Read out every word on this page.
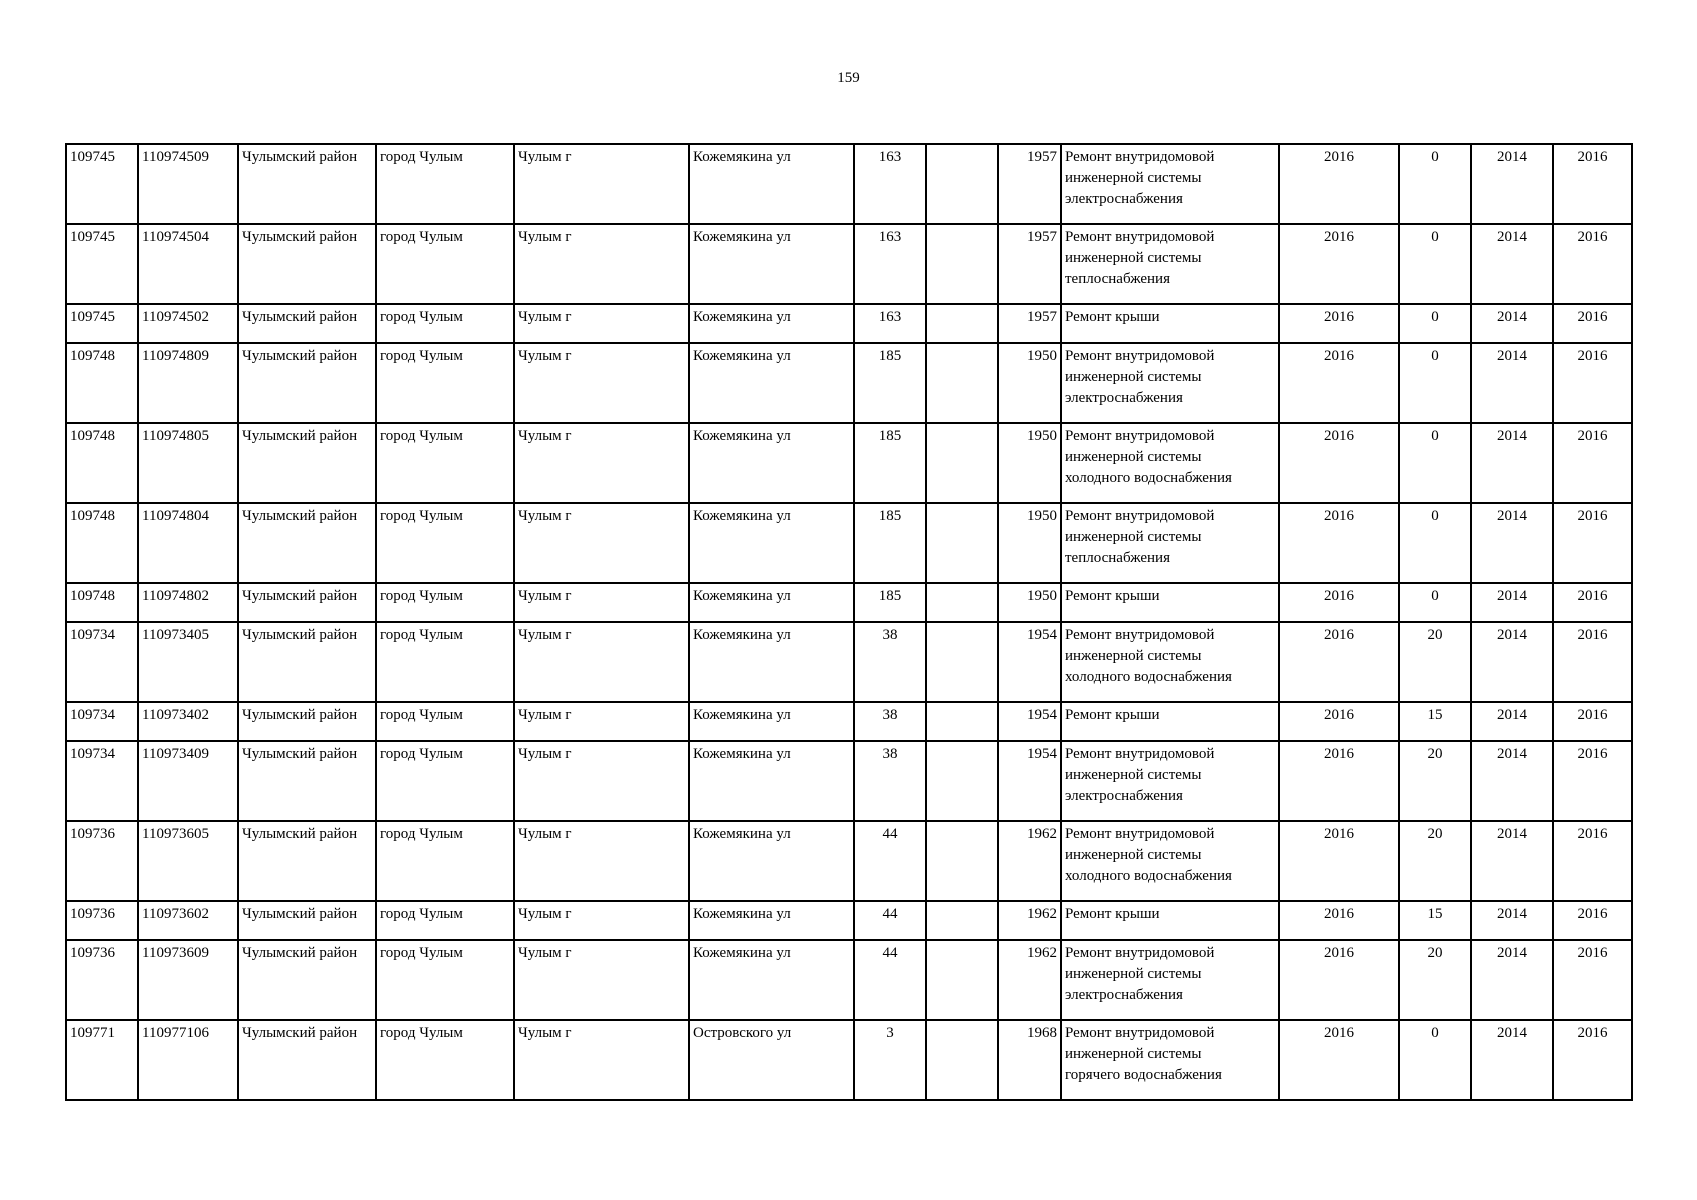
159
109745	110974509	Чулымский район	город Чулым	Чулым г	Кожемякина ул	163		1957	Ремонт внутридомовой
инженерной системы
электроснабжения	2016	0	2014	2016
109745	110974504	Чулымский район	город Чулым	Чулым г	Кожемякина ул	163		1957	Ремонт внутридомовой
инженерной системы
теплоснабжения	2016	0	2014	2016
109745	110974502	Чулымский район	город Чулым	Чулым г	Кожемякина ул	163		1957	Ремонт крыши	2016	0	2014	2016
109748	110974809	Чулымский район	город Чулым	Чулым г	Кожемякина ул	185		1950	Ремонт внутридомовой
инженерной системы
электроснабжения	2016	0	2014	2016
109748	110974805	Чулымский район	город Чулым	Чулым г	Кожемякина ул	185		1950	Ремонт внутридомовой
инженерной системы
холодного водоснабжения	2016	0	2014	2016
109748	110974804	Чулымский район	город Чулым	Чулым г	Кожемякина ул	185		1950	Ремонт внутридомовой
инженерной системы
теплоснабжения	2016	0	2014	2016
109748	110974802	Чулымский район	город Чулым	Чулым г	Кожемякина ул	185		1950	Ремонт крыши	2016	0	2014	2016
109734	110973405	Чулымский район	город Чулым	Чулым г	Кожемякина ул	38		1954	Ремонт внутридомовой
инженерной системы
холодного водоснабжения	2016	20	2014	2016
109734	110973402	Чулымский район	город Чулым	Чулым г	Кожемякина ул	38		1954	Ремонт крыши	2016	15	2014	2016
109734	110973409	Чулымский район	город Чулым	Чулым г	Кожемякина ул	38		1954	Ремонт внутридомовой
инженерной системы
электроснабжения	2016	20	2014	2016
109736	110973605	Чулымский район	город Чулым	Чулым г	Кожемякина ул	44		1962	Ремонт внутридомовой
инженерной системы
холодного водоснабжения	2016	20	2014	2016
109736	110973602	Чулымский район	город Чулым	Чулым г	Кожемякина ул	44		1962	Ремонт крыши	2016	15	2014	2016
109736	110973609	Чулымский район	город Чулым	Чулым г	Кожемякина ул	44		1962	Ремонт внутридомовой
инженерной системы
электроснабжения	2016	20	2014	2016
109771	110977106	Чулымский район	город Чулым	Чулым г	Островского ул	3		1968	Ремонт внутридомовой
инженерной системы
горячего водоснабжения	2016	0	2014	2016
